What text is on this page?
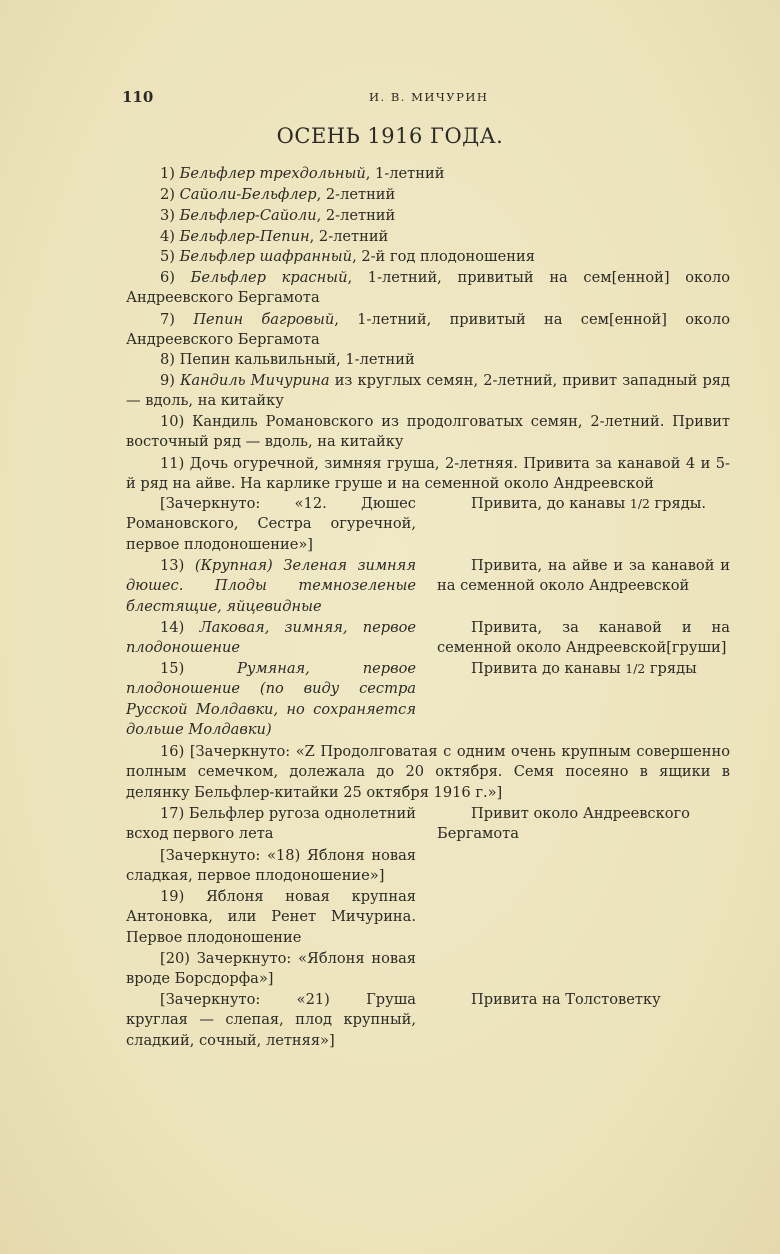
110	И. В. МИЧУРИН
ОСЕНЬ 1916 ГОДА.

1) Бельфлер трехдольный, 1-летний

2) Сайоли-Бельфлер, 2-летний

3) Бельфлер-Сайоли, 2-летний

4) Бельфлер-Пепин, 2-летний

5) Бельфлер шафранный, 2-й год плодоношения

6) Бельфлер красный, 1-летний, привитый на сем[енной] около Андреевского Бергамота

7) Пепин багровый, 1-летний, привитый на сем[енной] около Андреевского Бергамота

8) Пепин кальвильный, 1-летний

9) Кандиль Мичурина из круглых семян, 2-летний, привит западный ряд — вдоль, на китайку

10) Кандиль Романовского из продолговатых семян, 2-летний. Привит восточный ряд — вдоль, на китайку

11) Дочь огуречной, зимняя груша, 2-летняя. Привита за канавой 4 и 5-й ряд на айве. На карлике груше и на семенной около Андреевской

[Зачеркнуто: «12. Дюшес Романовского, Сестра огуречной, первое плодоношение»]

Привита, до канавы 1/2 гряды.

13) (Крупная) Зеленая зимняя дюшес. Плоды темнозеленые блестящие, яйцевидные

Привита, на айве и за канавой и на семенной около Андреевской

14) Лаковая, зимняя, первое плодоношение

Привита, за канавой и на семенной около Андреевской[груши]

15)	Румяная, первое плодоношение (по виду сестра Русской Молдавки, но сохраняется дольше Молдавки)

Привита до канавы 1/2 гряды

16) [Зачеркнуто: «Z Продолговатая с одним очень крупным совершенно полным семечком, долежала до 20 октября. Семя посеяно в ящики в делянку Бельфлер-китайки 25 октября 1916 г.»]

17) Бельфлер ругоза однолетний всход первого лета

Привит около Андреевского Бергамота

[Зачеркнуто: «18) Яблоня новая сладкая, первое плодоношение»]

19) Яблоня новая крупная Антоновка, или Ренет Мичурина. Первое плодоношение

[20) Зачеркнуто: «Яблоня новая вроде Борсдорфа»]

[Зачеркнуто: «21) Груша круглая — слепая, плод крупный, сладкий, сочный, летняя»]

Привита на Толстоветку
